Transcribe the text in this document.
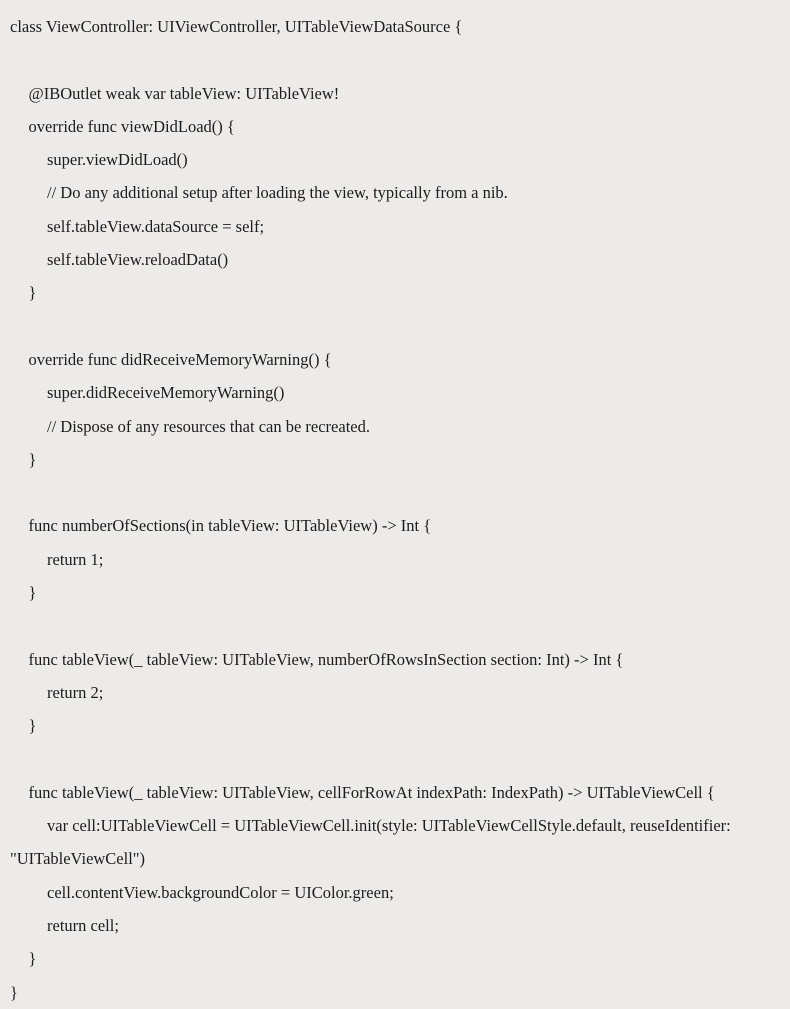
class ViewController: UIViewController, UITableViewDataSource {
@IBOutlet weak var tableView: UITableView!
override func viewDidLoad() {
super.viewDidLoad()
// Do any additional setup after loading the view, typically from a nib.
self.tableView.dataSource = self;
self.tableView.reloadData()
}
override func didReceiveMemoryWarning() {
super.didReceiveMemoryWarning()
// Dispose of any resources that can be recreated.
}
func numberOfSections(in tableView: UITableView) -> Int {
return 1;
}
func tableView(_ tableView: UITableView, numberOfRowsInSection section: Int) -> Int {
return 2;
}
func tableView(_ tableView: UITableView, cellForRowAt indexPath: IndexPath) -> UITableViewCell {
var cell:UITableViewCell = UITableViewCell.init(style: UITableViewCellStyle.default, reuseIdentifier:
"UITableViewCell")
cell.contentView.backgroundColor = UIColor.green;
return cell;
}
}
